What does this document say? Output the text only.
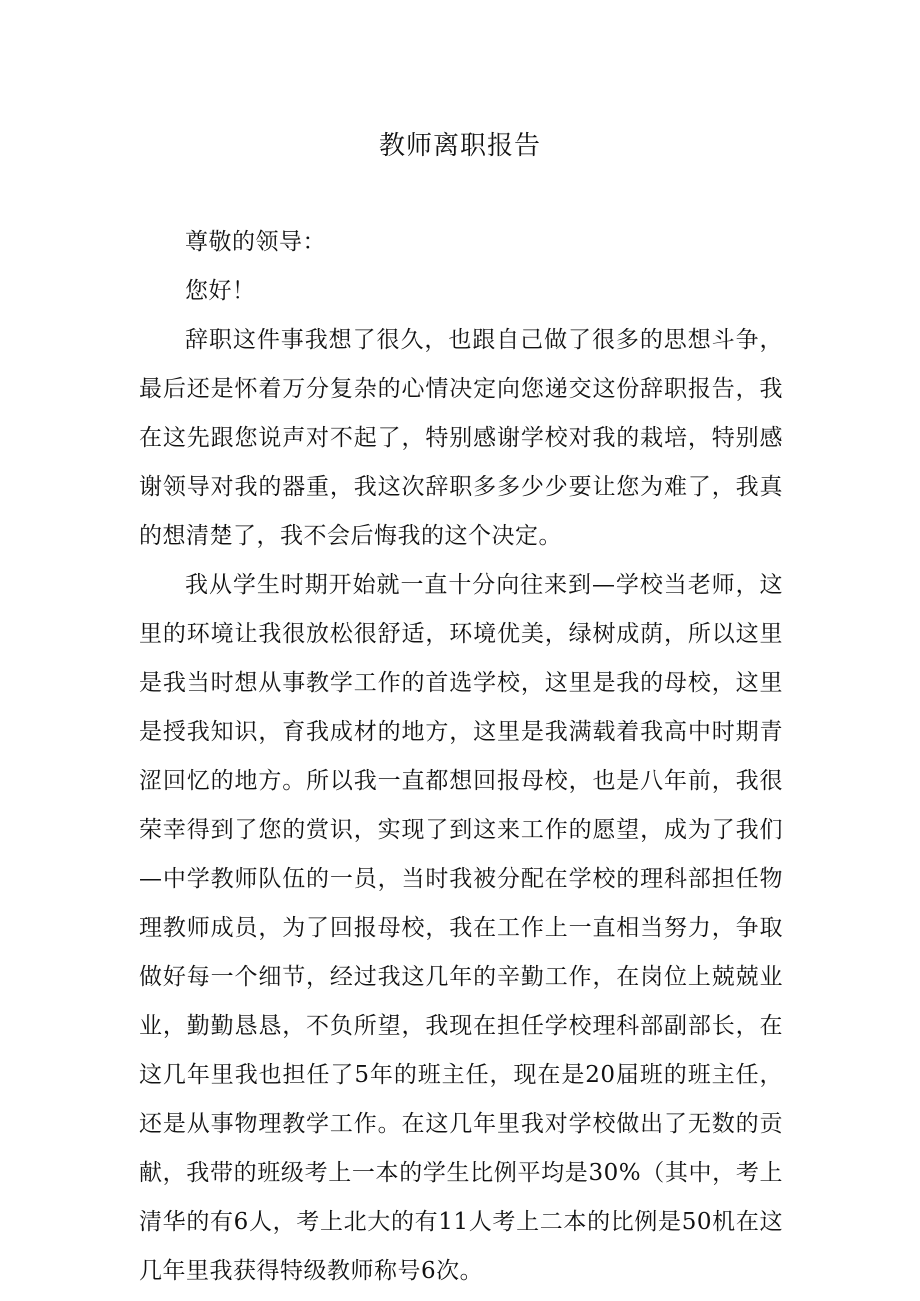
教师离职报告

尊敬的领导：

您好！

辞职这件事我想了很久，也跟自己做了很多的思想斗争，最后还是怀着万分复杂的心情决定向您递交这份辞职报告，我在这先跟您说声对不起了，特别感谢学校对我的栽培，特别感谢领导对我的器重，我这次辞职多多少少要让您为难了，我真的想清楚了，我不会后悔我的这个决定。

我从学生时期开始就一直十分向往来到—学校当老师，这里的环境让我很放松很舒适，环境优美，绿树成荫，所以这里是我当时想从事教学工作的首选学校，这里是我的母校，这里是授我知识，育我成材的地方，这里是我满载着我高中时期青涩回忆的地方。所以我一直都想回报母校，也是八年前，我很荣幸得到了您的赏识，实现了到这来工作的愿望，成为了我们—中学教师队伍的一员，当时我被分配在学校的理科部担任物理教师成员，为了回报母校，我在工作上一直相当努力，争取做好每一个细节，经过我这几年的辛勤工作，在岗位上兢兢业业，勤勤恳恳，不负所望，我现在担任学校理科部副部长，在这几年里我也担任了5年的班主任，现在是20届班的班主任，还是从事物理教学工作。在这几年里我对学校做出了无数的贡献，我带的班级考上一本的学生比例平均是30%（其中，考上清华的有6人，考上北大的有11人考上二本的比例是50机在这几年里我获得特级教师称号6次。
